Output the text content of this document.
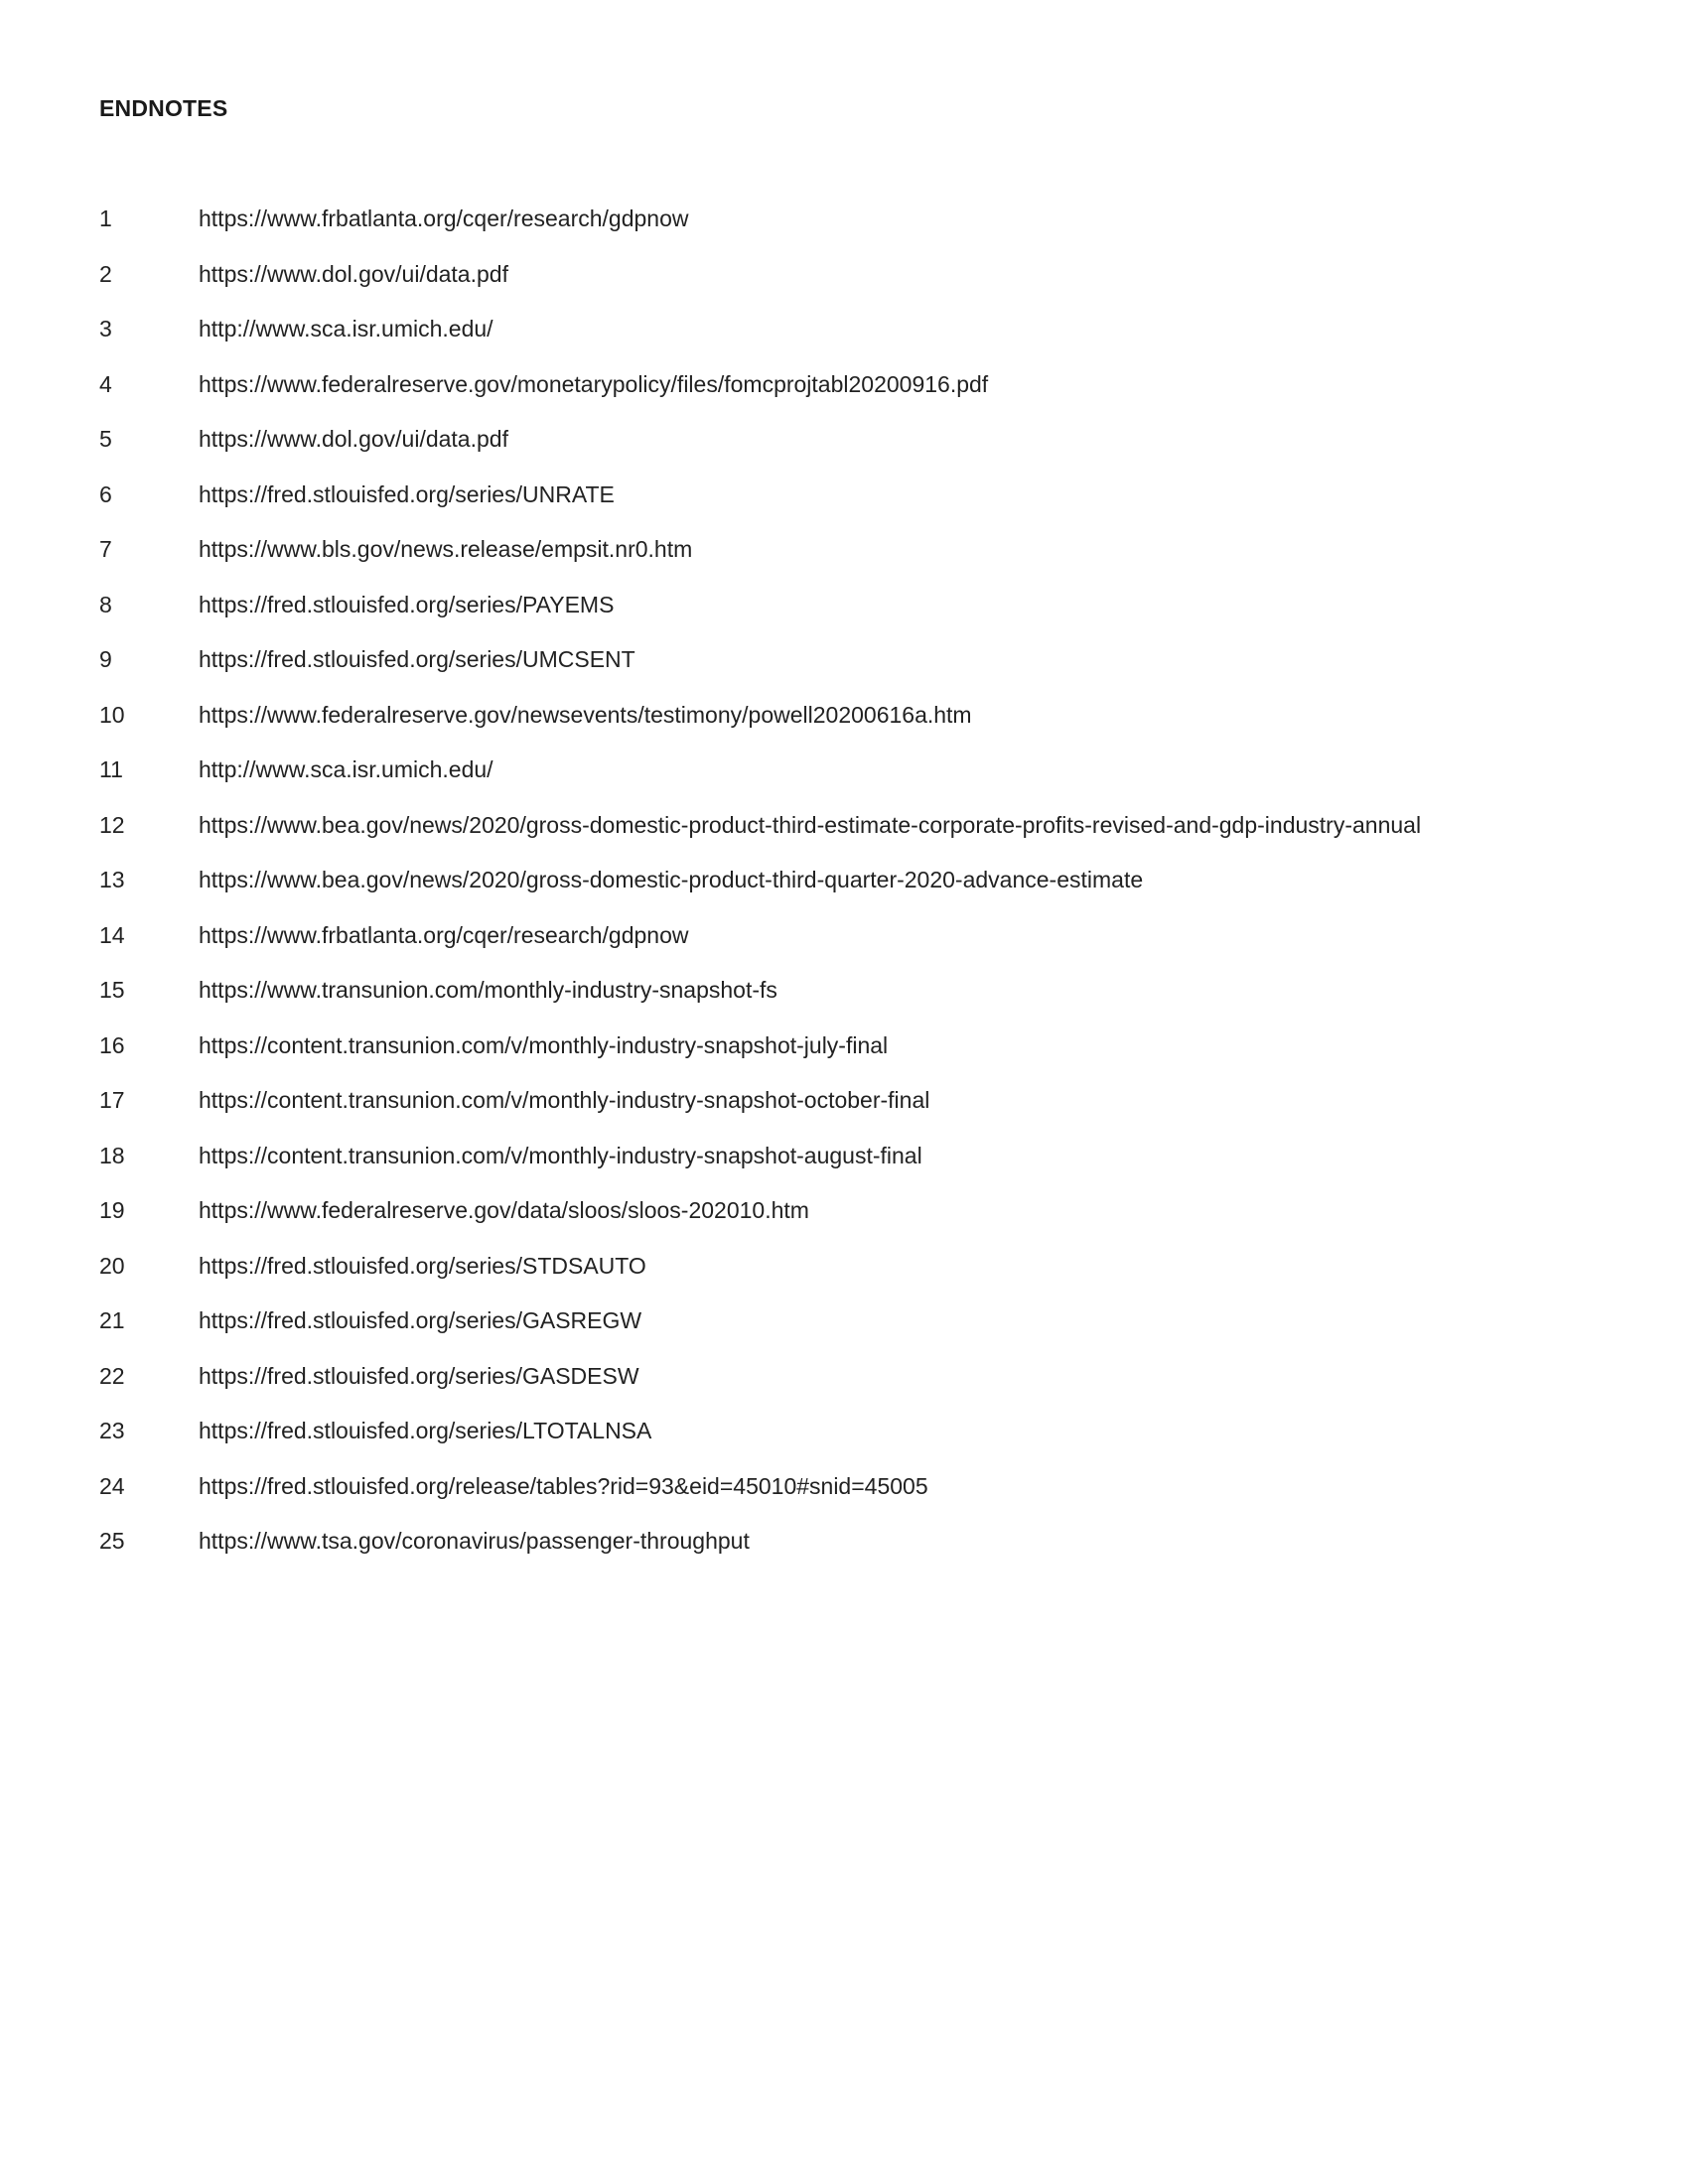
ENDNOTES
1	https://www.frbatlanta.org/cqer/research/gdpnow
2	https://www.dol.gov/ui/data.pdf
3	http://www.sca.isr.umich.edu/
4	https://www.federalreserve.gov/monetarypolicy/files/fomcprojtabl20200916.pdf
5	https://www.dol.gov/ui/data.pdf
6	https://fred.stlouisfed.org/series/UNRATE
7	https://www.bls.gov/news.release/empsit.nr0.htm
8	https://fred.stlouisfed.org/series/PAYEMS
9	https://fred.stlouisfed.org/series/UMCSENT
10	https://www.federalreserve.gov/newsevents/testimony/powell20200616a.htm
11	http://www.sca.isr.umich.edu/
12	https://www.bea.gov/news/2020/gross-domestic-product-third-estimate-corporate-profits-revised-and-gdp-industry-annual
13	https://www.bea.gov/news/2020/gross-domestic-product-third-quarter-2020-advance-estimate
14	https://www.frbatlanta.org/cqer/research/gdpnow
15	https://www.transunion.com/monthly-industry-snapshot-fs
16	https://content.transunion.com/v/monthly-industry-snapshot-july-final
17	https://content.transunion.com/v/monthly-industry-snapshot-october-final
18	https://content.transunion.com/v/monthly-industry-snapshot-august-final
19	https://www.federalreserve.gov/data/sloos/sloos-202010.htm
20	https://fred.stlouisfed.org/series/STDSAUTO
21	https://fred.stlouisfed.org/series/GASREGW
22	https://fred.stlouisfed.org/series/GASDESW
23	https://fred.stlouisfed.org/series/LTOTALNSA
24	https://fred.stlouisfed.org/release/tables?rid=93&eid=45010#snid=45005
25	https://www.tsa.gov/coronavirus/passenger-throughput
